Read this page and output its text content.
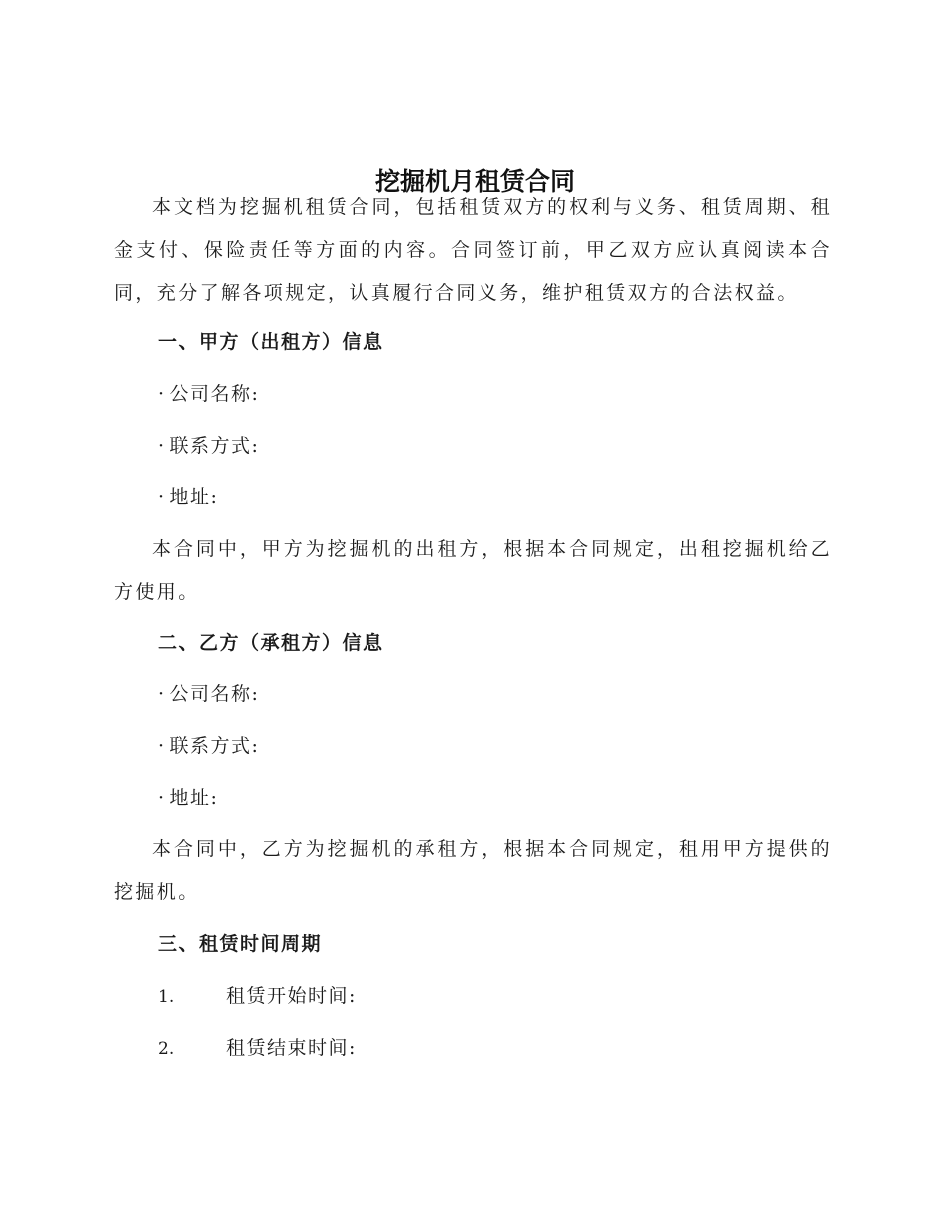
挖掘机月租赁合同

本文档为挖掘机租赁合同，包括租赁双方的权利与义务、租赁周期、租金支付、保险责任等方面的内容。合同签订前，甲乙双方应认真阅读本合同，充分了解各项规定，认真履行合同义务，维护租赁双方的合法权益。

一、甲方（出租方）信息

· 公司名称:

· 联系方式:

· 地址:

本合同中，甲方为挖掘机的出租方，根据本合同规定，出租挖掘机给乙方使用。

二、乙方（承租方）信息

· 公司名称:

· 联系方式:

· 地址:

本合同中，乙方为挖掘机的承租方，根据本合同规定，租用甲方提供的挖掘机。

三、租赁时间周期

1.	租赁开始时间:

2.	租赁结束时间:
